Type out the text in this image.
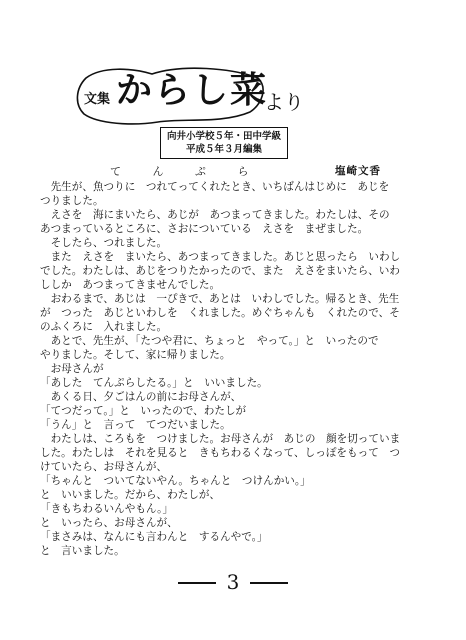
文集 からし菜
より
向井小学校５年・田中学級
平成５年３月編集
て ん ぷ ら	塩崎文香

　先生が、魚つりに　つれてってくれたとき、いちばんはじめに　あじを

つりました。

　えさを　海にまいたら、あじが　あつまってきました。わたしは、その

あつまっているところに、さおについている　えさを　まぜました。

　そしたら、つれました。

　また　えさを　まいたら、あつまってきました。あじと思ったら　いわし

でした。わたしは、あじをつりたかったので、また　えさをまいたら、いわ

ししか　あつまってきませんでした。

　おわるまで、あじは　一ぴきで、あとは　いわしでした。帰るとき、先生

が　つった　あじといわしを　くれました。めぐちゃんも　くれたので、そ

のふくろに　入れました。

　あとで、先生が、「たつや君に、ちょっと　やって。」と　いったので

やりました。そして、家に帰りました。

　お母さんが

「あした　てんぷらしたる。」と　いいました。

　あくる日、夕ごはんの前にお母さんが、

「てつだって。」と　いったので、わたしが

「うん」と　言って　てつだいました。

　わたしは、ころもを　つけました。お母さんが　あじの　顔を切っていま

した。わたしは　それを見ると　きもちわるくなって、しっぽをもって　つ

けていたら、お母さんが、

「ちゃんと　ついてないやん。ちゃんと　つけんかい。」

と　いいました。だから、わたしが、

「きもちわるいんやもん。」

と　いったら、お母さんが、

「まさみは、なんにも言わんと　するんやで。」

と　言いました。

3
